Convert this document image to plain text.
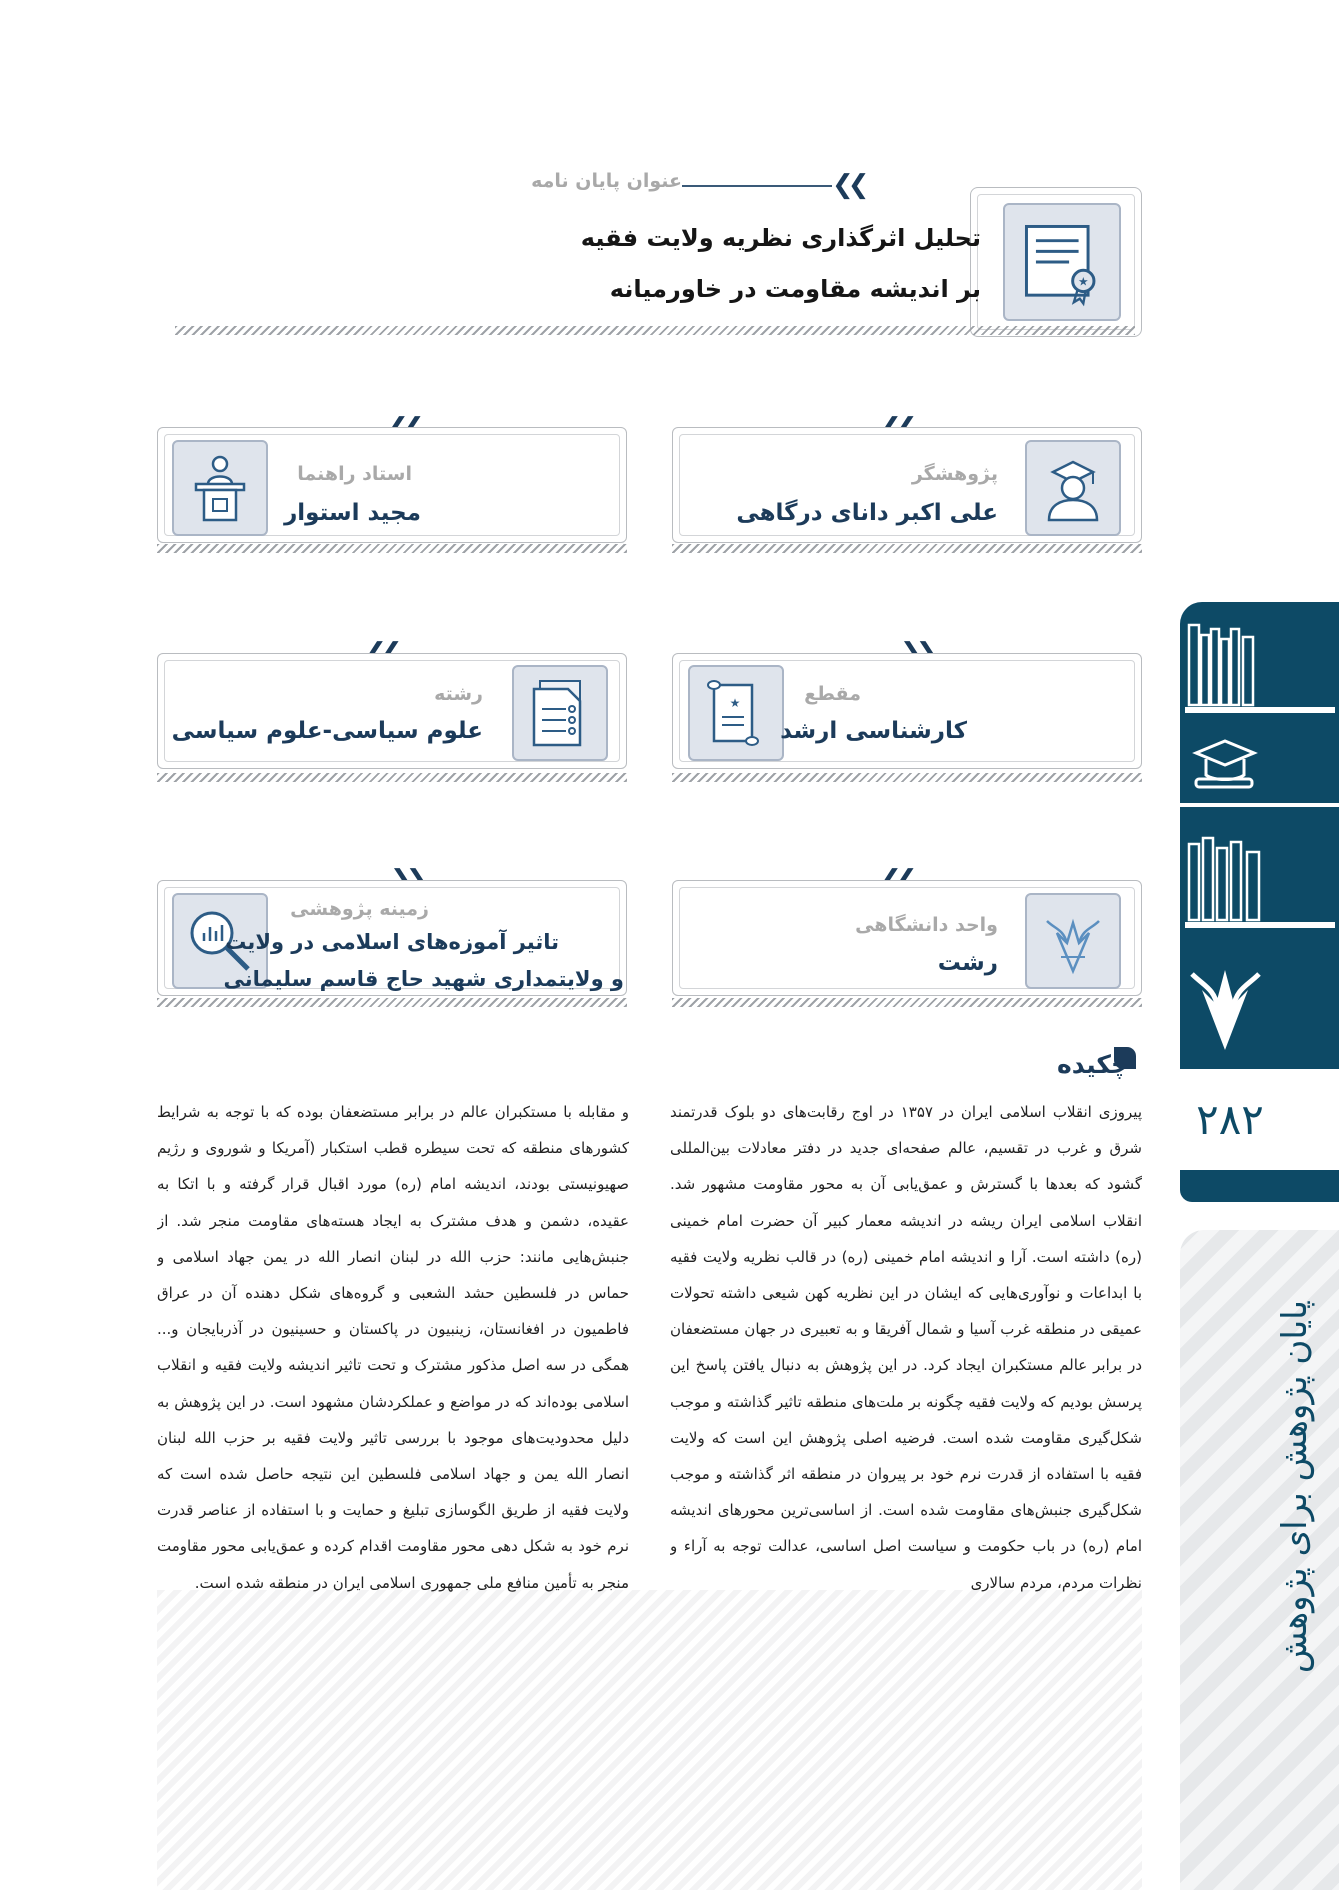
❮❮
عنوان پایان نامه
★
تحلیل اثرگذاری نظریه ولایت فقیه
بر اندیشه مقاومت در خاورمیانه
پژوهشگر
علی اکبر دانای درگاهی
استاد راهنما
مجید استوار
★	مقطع
کارشناسی ارشد
رشته
علوم سیاسی-علوم سیاسی
واحد دانشگاهی
رشت
زمینه پژوهشی
تاثیر آموزه‌های اسلامی در ولایت
و ولایتمداری شهید حاج قاسم سلیمانی
چکیده

پیروزی انقلاب اسلامی ایران در ۱۳۵۷ در اوج رقابت‌های دو بلوک قدرتمند شرق و غرب در تقسیم، عالم صفحه‌ای جدید در دفتر معادلات بین‌المللی گشود که بعدها با گسترش و عمق‌یابی آن به محور مقاومت مشهور شد. انقلاب اسلامی ایران ریشه در اندیشه معمار کبیر آن حضرت امام خمینی (ره) داشته است. آرا و اندیشه امام خمینی (ره) در قالب نظریه ولایت فقیه با ابداعات و نوآوری‌هایی که ایشان در این نظریه کهن شیعی داشته تحولات عمیقی در منطقه غرب آسیا و شمال آفریقا و به تعبیری در جهان مستضعفان در برابر عالم مستکبران ایجاد کرد. در این پژوهش به دنبال یافتن پاسخ این پرسش بودیم که ولایت فقیه چگونه بر ملت‌های منطقه تاثیر گذاشته و موجب شکل‌گیری مقاومت شده است. فرضیه اصلی پژوهش این است که ولایت فقیه با استفاده از قدرت نرم خود بر پیروان در منطقه اثر گذاشته و موجب شکل‌گیری جنبش‌های مقاومت شده است. از اساسی‌ترین محورهای اندیشه امام (ره) در باب حکومت و سیاست اصل اساسی، عدالت توجه به آراء و نظرات مردم، مردم سالاری

و مقابله با مستکبران عالم در برابر مستضعفان بوده که با توجه به شرایط کشورهای منطقه که تحت سیطره قطب استکبار (آمریکا و شوروی و رژیم صهیونیستی بودند، اندیشه امام (ره) مورد اقبال قرار گرفته و با اتکا به عقیده، دشمن و هدف مشترک به ایجاد هسته‌های مقاومت منجر شد. از جنبش‌هایی مانند: حزب الله در لبنان انصار الله در یمن جهاد اسلامی و حماس در فلسطین حشد الشعبی و گروه‌های شکل دهنده آن در عراق فاطمیون در افغانستان، زینبیون در پاکستان و حسینیون در آذربایجان و... همگی در سه اصل مذکور مشترک و تحت تاثیر اندیشه ولایت فقیه و انقلاب اسلامی بوده‌اند که در مواضع و عملکردشان مشهود است. در این پژوهش به دلیل محدودیت‌های موجود با بررسی تاثیر ولایت فقیه بر حزب الله لبنان انصار الله یمن و جهاد اسلامی فلسطین این نتیجه حاصل شده است که ولایت فقیه از طریق الگوسازی تبلیغ و حمایت و با استفاده از عناصر قدرت نرم خود به شکل دهی محور مقاومت اقدام کرده و عمق‌یابی محور مقاومت منجر به تأمین منافع ملی جمهوری اسلامی ایران در منطقه شده است.

۲۸۲
پایان پژوهش برای پژوهش
